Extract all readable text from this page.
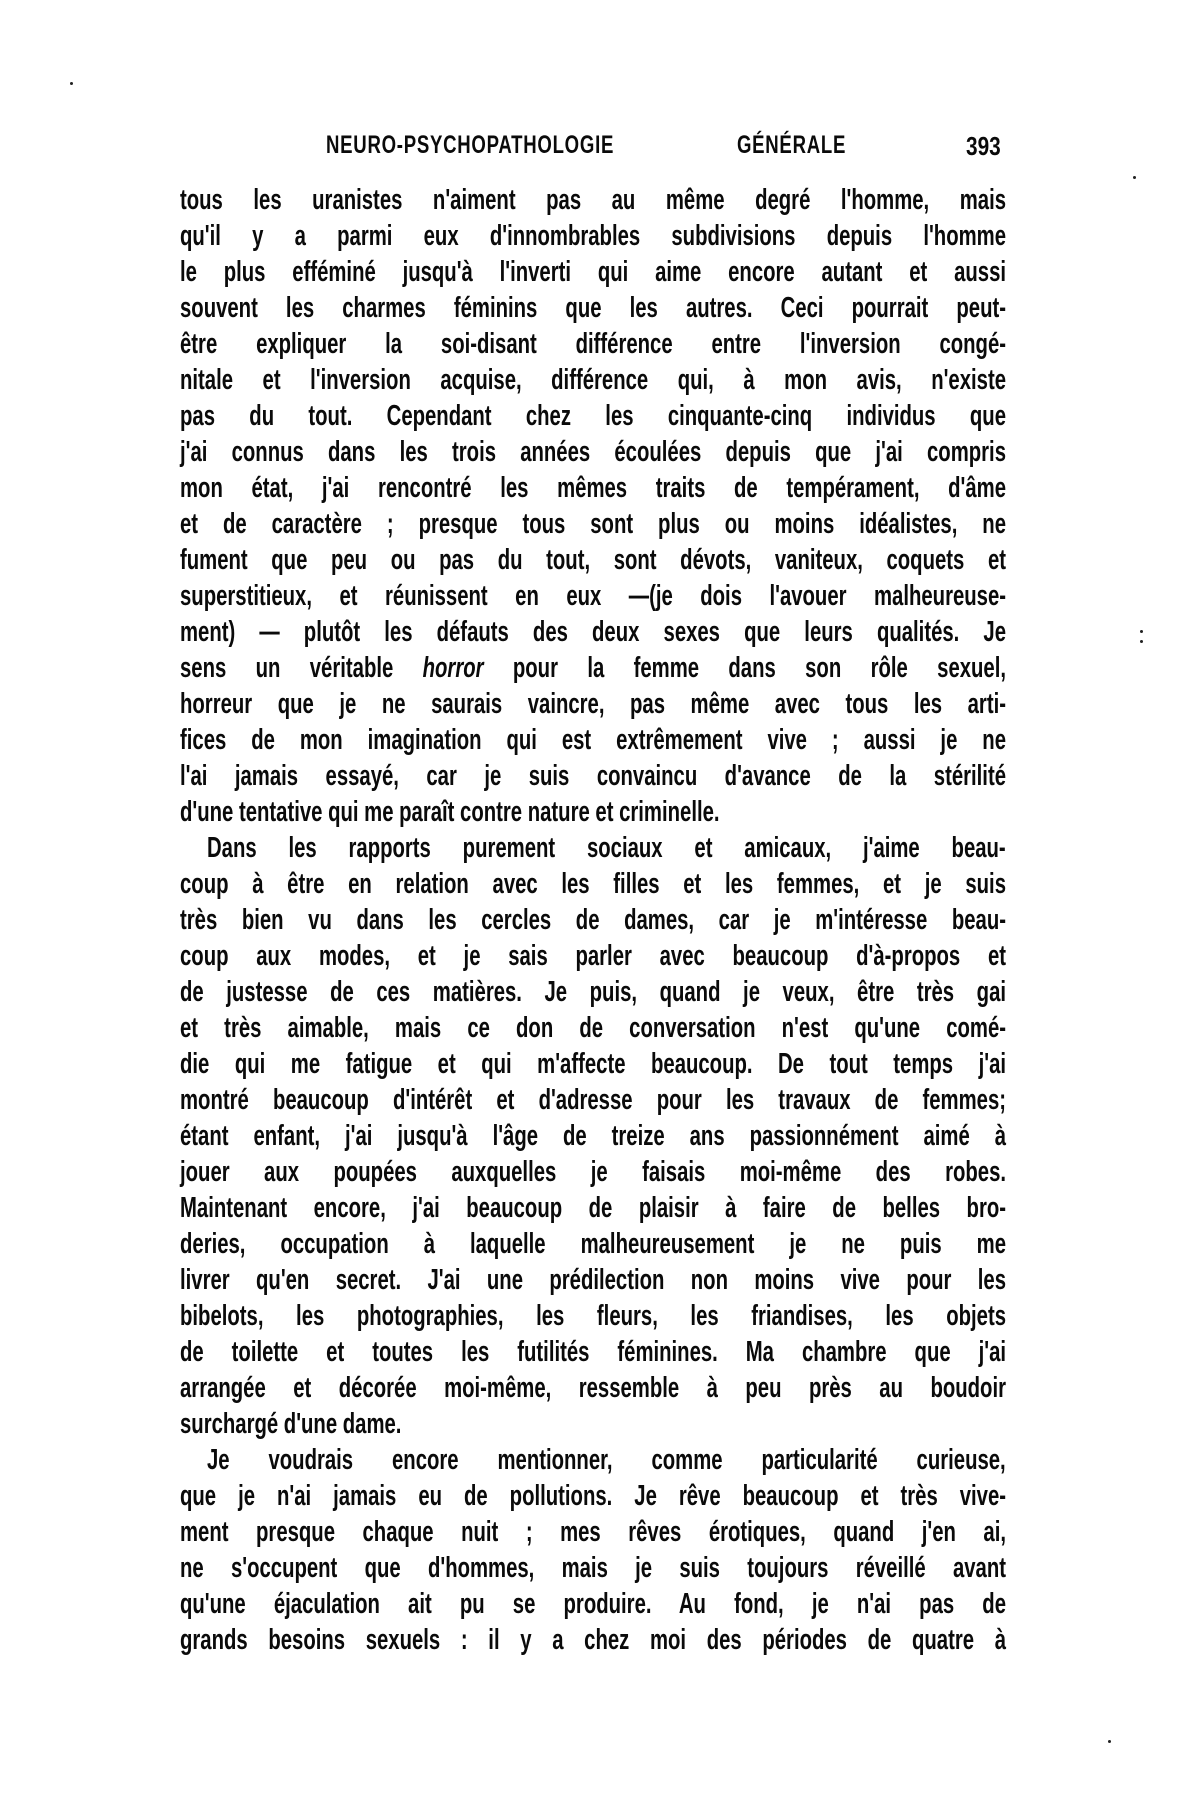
NEURO-PSYCHOPATHOLOGIE GÉNÉRALE	393
tous les uranistes n'aiment pas au même degré l'homme, mais
qu'il y a parmi eux d'innombrables subdivisions depuis l'homme
le plus efféminé jusqu'à l'inverti qui aime encore autant et aussi
souvent les charmes féminins que les autres. Ceci pourrait peut-
être expliquer la soi-disant différence entre l'inversion congé-
nitale et l'inversion acquise, différence qui, à mon avis, n'existe
pas du tout. Cependant chez les cinquante-cinq individus que
j'ai connus dans les trois années écoulées depuis que j'ai compris
mon état, j'ai rencontré les mêmes traits de tempérament, d'âme
et de caractère ; presque tous sont plus ou moins idéalistes, ne
fument que peu ou pas du tout, sont dévots, vaniteux, coquets et
superstitieux, et réunissent en eux —(je dois l'avouer malheureuse-
ment) — plutôt les défauts des deux sexes que leurs qualités. Je
sens un véritable horror pour la femme dans son rôle sexuel,
horreur que je ne saurais vaincre, pas même avec tous les arti-
fices de mon imagination qui est extrêmement vive ; aussi je ne
l'ai jamais essayé, car je suis convaincu d'avance de la stérilité
d'une tentative qui me paraît contre nature et criminelle.
Dans les rapports purement sociaux et amicaux, j'aime beau-
coup à être en relation avec les filles et les femmes, et je suis
très bien vu dans les cercles de dames, car je m'intéresse beau-
coup aux modes, et je sais parler avec beaucoup d'à-propos et
de justesse de ces matières. Je puis, quand je veux, être très gai
et très aimable, mais ce don de conversation n'est qu'une comé-
die qui me fatigue et qui m'affecte beaucoup. De tout temps j'ai
montré beaucoup d'intérêt et d'adresse pour les travaux de femmes;
étant enfant, j'ai jusqu'à l'âge de treize ans passionnément aimé à
jouer aux poupées auxquelles je faisais moi-même des robes.
Maintenant encore, j'ai beaucoup de plaisir à faire de belles bro-
deries, occupation à laquelle malheureusement je ne puis me
livrer qu'en secret. J'ai une prédilection non moins vive pour les
bibelots, les photographies, les fleurs, les friandises, les objets
de toilette et toutes les futilités féminines. Ma chambre que j'ai
arrangée et décorée moi-même, ressemble à peu près au boudoir
surchargé d'une dame.
Je voudrais encore mentionner, comme particularité curieuse,
que je n'ai jamais eu de pollutions. Je rêve beaucoup et très vive-
ment presque chaque nuit ; mes rêves érotiques, quand j'en ai,
ne s'occupent que d'hommes, mais je suis toujours réveillé avant
qu'une éjaculation ait pu se produire. Au fond, je n'ai pas de
grands besoins sexuels : il y a chez moi des périodes de quatre à
